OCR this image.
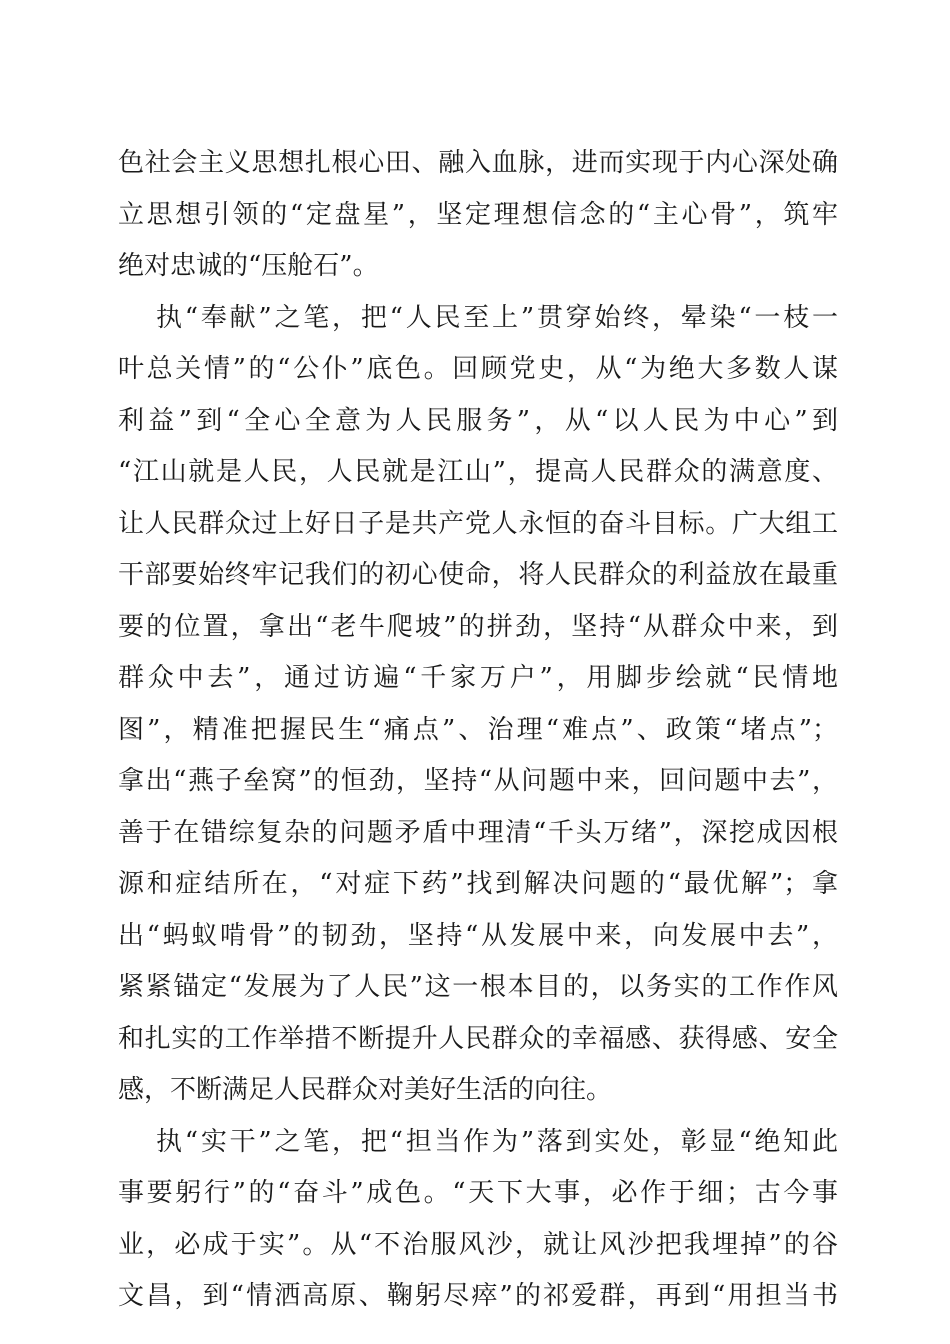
色社会主义思想扎根心田、融入血脉，进而实现于内心深处确
立思想引领的“定盘星”，坚定理想信念的“主心骨”，筑牢
绝对忠诚的“压舱石”。
执“奉献”之笔，把“人民至上”贯穿始终，晕染“一枝一
叶总关情”的“公仆”底色。回顾党史，从“为绝大多数人谋
利益”到“全心全意为人民服务”，从“以人民为中心”到
“江山就是人民，人民就是江山”，提高人民群众的满意度、
让人民群众过上好日子是共产党人永恒的奋斗目标。广大组工
干部要始终牢记我们的初心使命，将人民群众的利益放在最重
要的位置，拿出“老牛爬坡”的拼劲，坚持“从群众中来，到
群众中去”，通过访遍“千家万户”，用脚步绘就“民情地
图”，精准把握民生“痛点”、治理“难点”、政策“堵点”；
拿出“燕子垒窝”的恒劲，坚持“从问题中来，回问题中去”，
善于在错综复杂的问题矛盾中理清“千头万绪”，深挖成因根
源和症结所在，“对症下药”找到解决问题的“最优解”；拿
出“蚂蚁啃骨”的韧劲，坚持“从发展中来，向发展中去”，
紧紧锚定“发展为了人民”这一根本目的，以务实的工作作风
和扎实的工作举措不断提升人民群众的幸福感、获得感、安全
感，不断满足人民群众对美好生活的向往。
执“实干”之笔，把“担当作为”落到实处，彰显“绝知此
事要躬行”的“奋斗”成色。“天下大事，必作于细；古今事
业，必成于实”。从“不治服风沙，就让风沙把我埋掉”的谷
文昌，到“情洒高原、鞠躬尽瘁”的祁爱群，再到“用担当书
